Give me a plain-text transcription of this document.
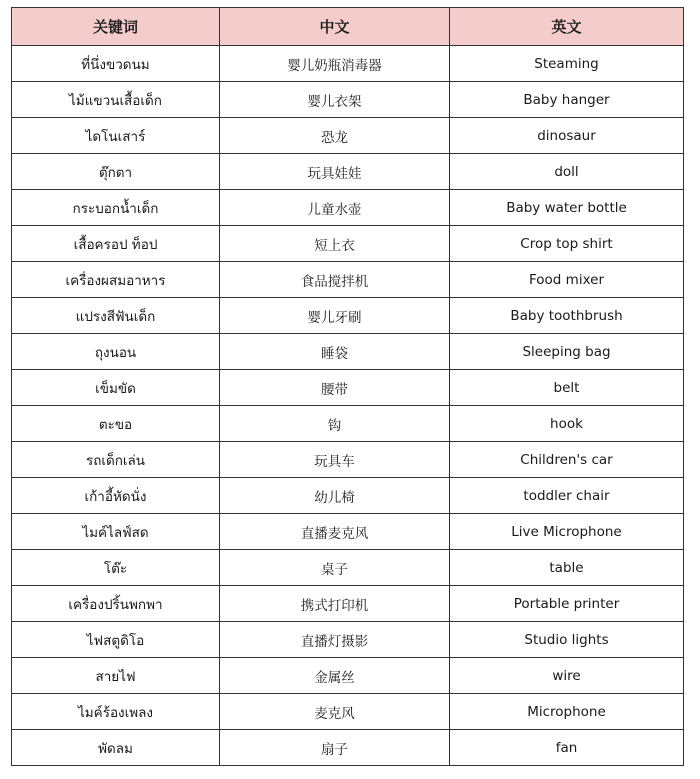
关键词	中文	英文
ที่นึ่งขวดนม	婴儿奶瓶消毒器	Steaming
ไม้แขวนเสื้อเด็ก	婴儿衣架	Baby hanger
ไดโนเสาร์	恐龙	dinosaur
ตุ๊กตา	玩具娃娃	doll
กระบอกน้ำเด็ก	儿童水壶	Baby water bottle
เสื้อครอป ท็อป	短上衣	Crop top shirt
เครื่องผสมอาหาร	食品搅拌机	Food mixer
แปรงสีฟันเด็ก	婴儿牙刷	Baby toothbrush
ถุงนอน	睡袋	Sleeping bag
เข็มขัด	腰带	belt
ตะขอ	钩	hook
รถเด็กเล่น	玩具车	Children's car
เก้าอี้หัดนั่ง	幼儿椅	toddler chair
ไมค์ไลฟ์สด	直播麦克风	Live Microphone
โต๊ะ	桌子	table
เครื่องปริ้นพกพา	携式打印机	Portable printer
ไฟสตูดิโอ	直播灯摄影	Studio lights
สายไฟ	金属丝	wire
ไมค์ร้องเพลง	麦克风	Microphone
พัดลม	扇子	fan
